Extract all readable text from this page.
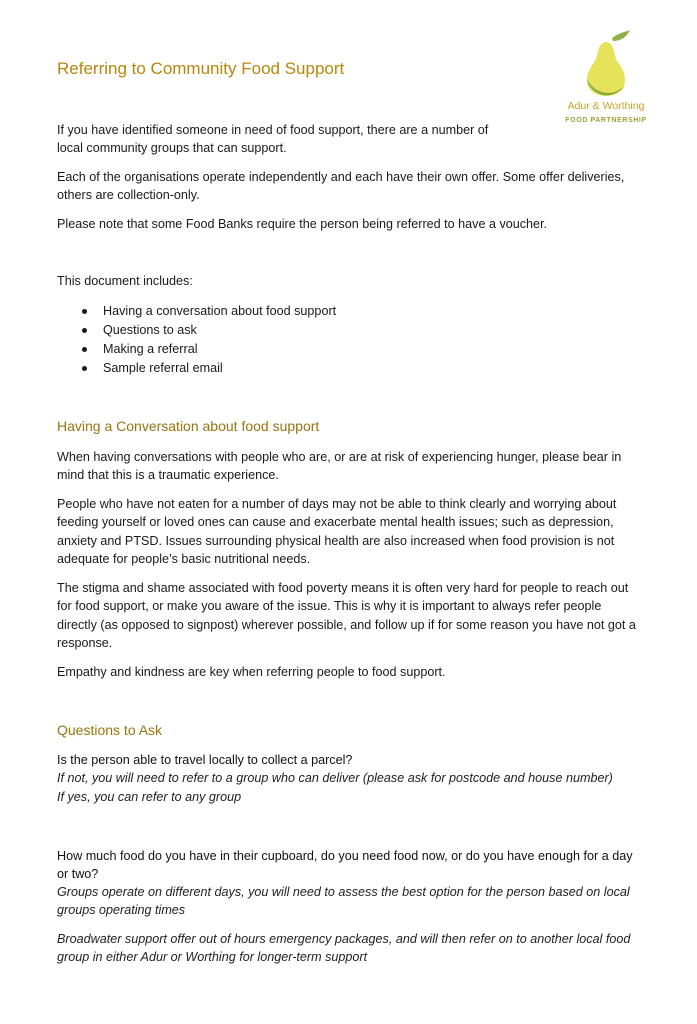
Referring to Community Food Support
Adur & Worthing
FOOD PARTNERSHIP

If you have identified someone in need of food support, there are a number of local community groups that can support.

Each of the organisations operate independently and each have their own offer. Some offer deliveries, others are collection-only.

Please note that some Food Banks require the person being referred to have a voucher.

This document includes:

Having a conversation about food support
Questions to ask
Making a referral
Sample referral email
Having a Conversation about food support

When having conversations with people who are, or are at risk of experiencing hunger, please bear in mind that this is a traumatic experience.

People who have not eaten for a number of days may not be able to think clearly and worrying about feeding yourself or loved ones can cause and exacerbate mental health issues; such as depression, anxiety and PTSD. Issues surrounding physical health are also increased when food provision is not adequate for people’s basic nutritional needs.

The stigma and shame associated with food poverty means it is often very hard for people to reach out for food support, or make you aware of the issue. This is why it is important to always refer people directly (as opposed to signpost) wherever possible, and follow up if for some reason you have not got a response.

Empathy and kindness are key when referring people to food support.

Questions to Ask

Is the person able to travel locally to collect a parcel?

If not, you will need to refer to a group who can deliver (please ask for postcode and house number)

If yes, you can refer to any group

How much food do you have in their cupboard, do you need food now, or do you have enough for a day or two?

Groups operate on different days, you will need to assess the best option for the person based on local groups operating times

Broadwater support offer out of hours emergency packages, and will then refer on to another local food group in either Adur or Worthing for longer-term support
